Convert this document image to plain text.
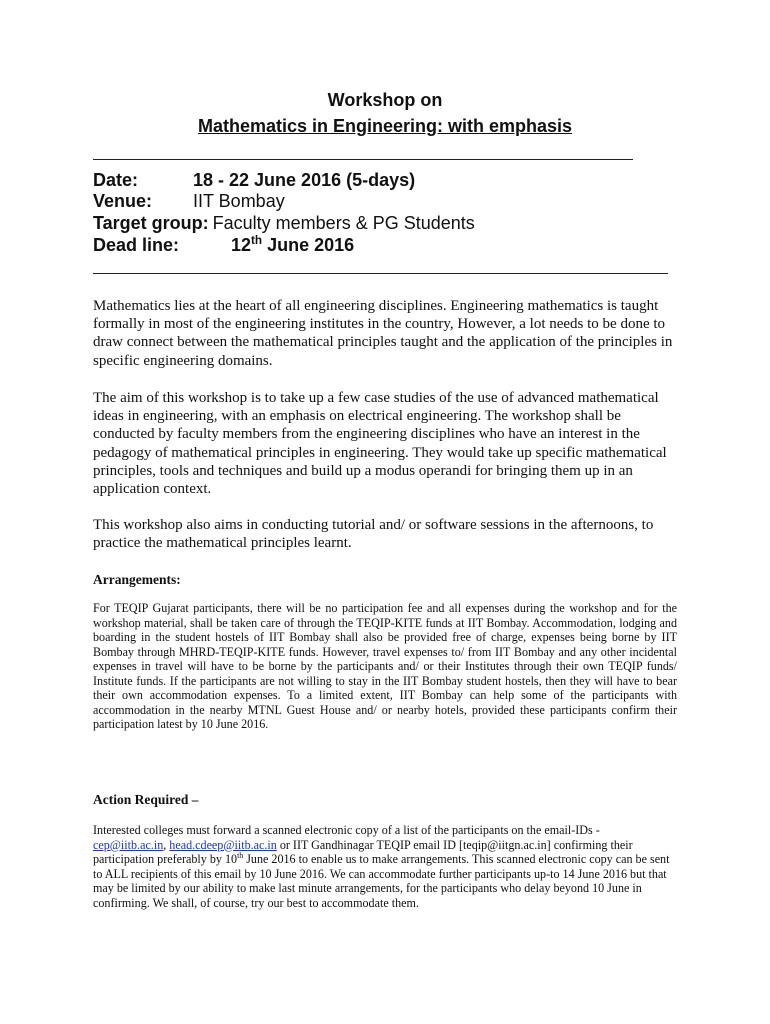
Workshop on
Mathematics in Engineering: with emphasis
Date:	18 - 22 June 2016 (5-days)
Venue: IIT Bombay
Target group: Faculty members & PG Students
Dead line:	12th June 2016
Mathematics lies at the heart of all engineering disciplines. Engineering mathematics is taught formally in most of the engineering institutes in the country, However, a lot needs to be done to draw connect between the mathematical principles taught and the application of the principles in specific engineering domains.
The aim of this workshop is to take up a few case studies of the use of advanced mathematical ideas in engineering, with an emphasis on electrical engineering. The workshop shall be conducted by faculty members from the engineering disciplines who have an interest in the pedagogy of mathematical principles in engineering. They would take up specific mathematical principles, tools and techniques and build up a modus operandi for bringing them up in an application context.
This workshop also aims in conducting tutorial and/ or software sessions in the afternoons, to practice the mathematical principles learnt.
Arrangements:
For TEQIP Gujarat participants, there will be no participation fee and all expenses during the workshop and for the workshop material, shall be taken care of through the TEQIP-KITE funds at IIT Bombay. Accommodation, lodging and boarding in the student hostels of IIT Bombay shall also be provided free of charge, expenses being borne by IIT Bombay through MHRD-TEQIP-KITE funds. However, travel expenses to/ from IIT Bombay and any other incidental expenses in travel will have to be borne by the participants and/ or their Institutes through their own TEQIP funds/ Institute funds. If the participants are not willing to stay in the IIT Bombay student hostels, then they will have to bear their own accommodation expenses. To a limited extent, IIT Bombay can help some of the participants with accommodation in the nearby MTNL Guest House and/ or nearby hotels, provided these participants confirm their participation latest by 10 June 2016.
Action Required –
Interested colleges must forward a scanned electronic copy of a list of the participants on the email-IDs - cep@iitb.ac.in, head.cdeep@iitb.ac.in or IIT Gandhinagar TEQIP email ID [teqip@iitgn.ac.in] confirming their participation preferably by 10th June 2016 to enable us to make arrangements. This scanned electronic copy can be sent to ALL recipients of this email by 10 June 2016. We can accommodate further participants up-to 14 June 2016 but that may be limited by our ability to make last minute arrangements, for the participants who delay beyond 10 June in confirming. We shall, of course, try our best to accommodate them.
